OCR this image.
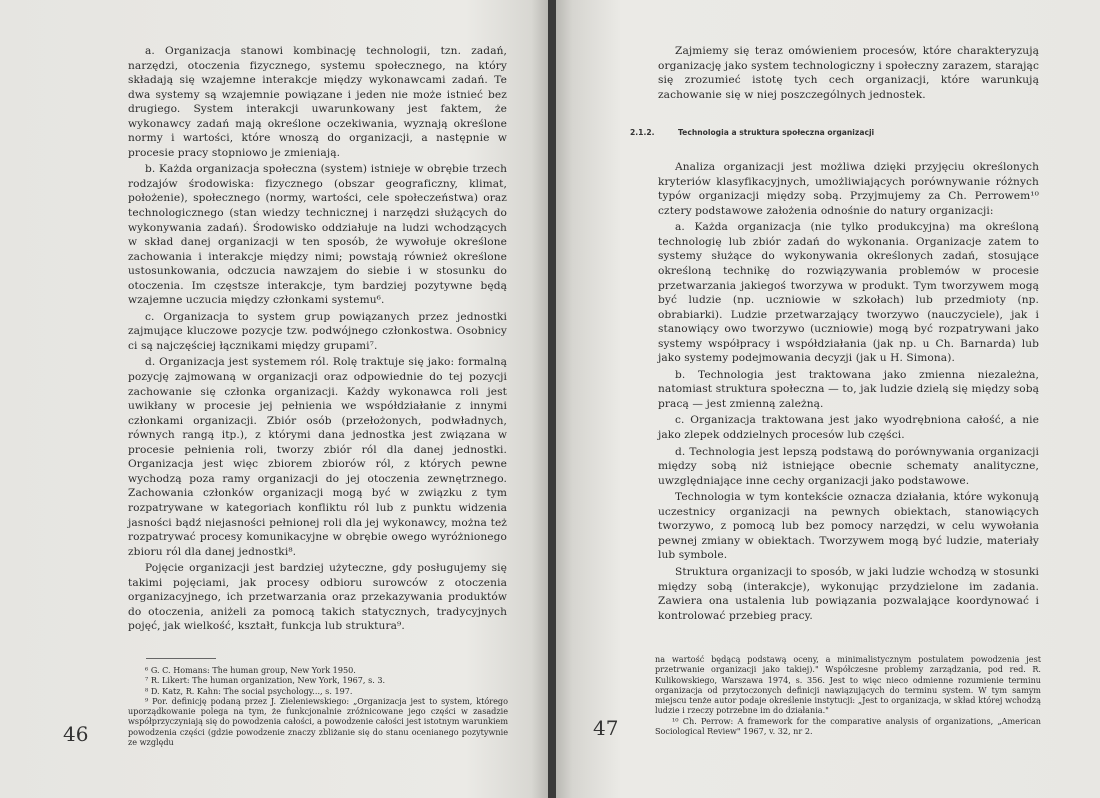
a. Organizacja stanowi kombinację technologii, tzn. zadań, narzędzi, otoczenia fizycznego, systemu społecznego, na który składają się wzajemne interakcje między wykonawcami zadań. Te dwa systemy są wzajemnie powiązane i jeden nie może istnieć bez drugiego. System interakcji uwarunkowany jest faktem, że wykonawcy zadań mają określone oczekiwania, wyznają określone normy i wartości, które wnoszą do organizacji, a następnie w procesie pracy stopniowo je zmieniają.

b. Każda organizacja społeczna (system) istnieje w obrębie trzech rodzajów środowiska: fizycznego (obszar geograficzny, klimat, położenie), społecznego (normy, wartości, cele społeczeństwa) oraz technologicznego (stan wiedzy technicznej i narzędzi służących do wykonywania zadań). Środowisko oddziałuje na ludzi wchodzących w skład danej organizacji w ten sposób, że wywołuje określone zachowania i interakcje między nimi; powstają również określone ustosunkowania, odczucia nawzajem do siebie i w stosunku do otoczenia. Im częstsze interakcje, tym bardziej pozytywne będą wzajemne uczucia między członkami systemu⁶.

c. Organizacja to system grup powiązanych przez jednostki zajmujące kluczowe pozycje tzw. podwójnego członkostwa. Osobnicy ci są najczęściej łącznikami między grupami⁷.

d. Organizacja jest systemem ról. Rolę traktuje się jako: formalną pozycję zajmowaną w organizacji oraz odpowiednie do tej pozycji zachowanie się członka organizacji. Każdy wykonawca roli jest uwikłany w procesie jej pełnienia we współdziałanie z innymi członkami organizacji. Zbiór osób (przełożonych, podwładnych, równych rangą itp.), z którymi dana jednostka jest związana w procesie pełnienia roli, tworzy zbiór ról dla danej jednostki. Organizacja jest więc zbiorem zbiorów ról, z których pewne wychodzą poza ramy organizacji do jej otoczenia zewnętrznego. Zachowania członków organizacji mogą być w związku z tym rozpatrywane w kategoriach konfliktu ról lub z punktu widzenia jasności bądź niejasności pełnionej roli dla jej wykonawcy, można też rozpatrywać procesy komunikacyjne w obrębie owego wyróżnionego zbioru ról dla danej jednostki⁸.

Pojęcie organizacji jest bardziej użyteczne, gdy posługujemy się takimi pojęciami, jak procesy odbioru surowców z otoczenia organizacyjnego, ich przetwarzania oraz przekazywania produktów do otoczenia, aniżeli za pomocą takich statycznych, tradycyjnych pojęć, jak wielkość, kształt, funkcja lub struktura⁹.

⁶ G. C. Homans: The human group, New York 1950.
⁷ R. Likert: The human organization, New York, 1967, s. 3.
⁸ D. Katz, R. Kahn: The social psychology..., s. 197.
⁹ Por. definicję podaną przez J. Zieleniewskiego: „Organizacja jest to system, którego uporządkowanie polega na tym, że funkcjonalnie zróżnicowane jego części w zasadzie współprzyczyniają się do powodzenia całości, a powodzenie całości jest istotnym warunkiem powodzenia części (gdzie powodzenie znaczy zbliżanie się do stanu ocenianego pozytywnie ze względu
46

Zajmiemy się teraz omówieniem procesów, które charakteryzują organizację jako system technologiczny i społeczny zarazem, starając się zrozumieć istotę tych cech organizacji, które warunkują zachowanie się w niej poszczególnych jednostek.

Analiza organizacji jest możliwa dzięki przyjęciu określonych kryteriów klasyfikacyjnych, umożliwiających porównywanie różnych typów organizacji między sobą. Przyjmujemy za Ch. Perrowem¹⁰ cztery podstawowe założenia odnośnie do natury organizacji:

a. Każda organizacja (nie tylko produkcyjna) ma określoną technologię lub zbiór zadań do wykonania. Organizacje zatem to systemy służące do wykonywania określonych zadań, stosujące określoną technikę do rozwiązywania problemów w procesie przetwarzania jakiegoś tworzywa w produkt. Tym tworzywem mogą być ludzie (np. uczniowie w szkołach) lub przedmioty (np. obrabiarki). Ludzie przetwarzający tworzywo (nauczyciele), jak i stanowiący owo tworzywo (uczniowie) mogą być rozpatrywani jako systemy współpracy i współdziałania (jak np. u Ch. Barnarda) lub jako systemy podejmowania decyzji (jak u H. Simona).

b. Technologia jest traktowana jako zmienna niezależna, natomiast struktura społeczna — to, jak ludzie dzielą się między sobą pracą — jest zmienną zależną.

c. Organizacja traktowana jest jako wyodrębniona całość, a nie jako zlepek oddzielnych procesów lub części.

d. Technologia jest lepszą podstawą do porównywania organizacji między sobą niż istniejące obecnie schematy analityczne, uwzględniające inne cechy organizacji jako podstawowe.

Technologia w tym kontekście oznacza działania, które wykonują uczestnicy organizacji na pewnych obiektach, stanowiących tworzywo, z pomocą lub bez pomocy narzędzi, w celu wywołania pewnej zmiany w obiektach. Tworzywem mogą być ludzie, materiały lub symbole.

Struktura organizacji to sposób, w jaki ludzie wchodzą w stosunki między sobą (interakcje), wykonując przydzielone im zadania. Zawiera ona ustalenia lub powiązania pozwalające koordynować i kontrolować przebieg pracy.

2.1.2.	Technologia a struktura społeczna organizacji
na wartość będącą podstawą oceny, a minimalistycznym postulatem powodzenia jest przetrwanie organizacji jako takiej)." Współczesne problemy zarządzania, pod red. R. Kulikowskiego, Warszawa 1974, s. 356. Jest to więc nieco odmienne rozumienie terminu organizacja od przytoczonych definicji nawiązujących do terminu system. W tym samym miejscu tenże autor podaje określenie instytucji: „Jest to organizacja, w skład której wchodzą ludzie i rzeczy potrzebne im do działania."
¹⁰ Ch. Perrow: A framework for the comparative analysis of organizations, „American Sociological Review" 1967, v. 32, nr 2.
47
